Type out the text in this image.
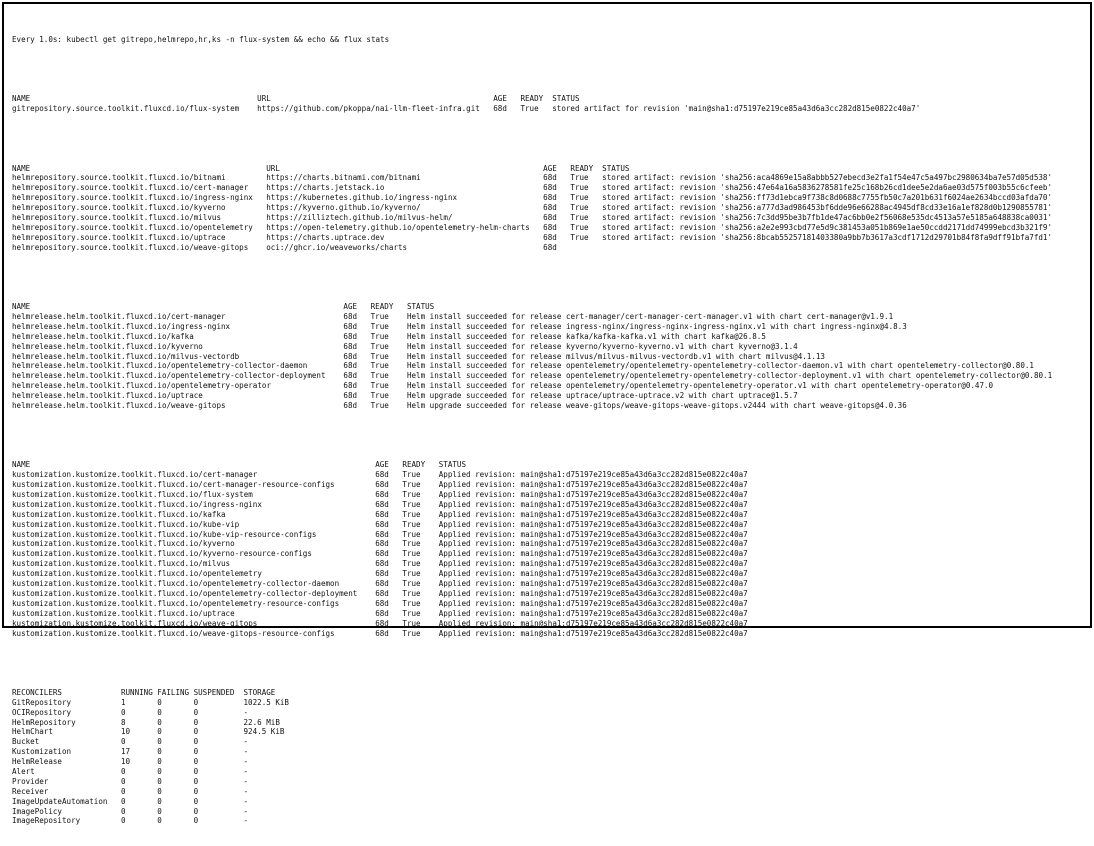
Every 1.0s: kubectl get gitrepo,helmrepo,hr,ks -n flux-system && echo && flux stats

NAME	URL	AGE READY STATUS
gitrepository.source.toolkit.fluxcd.io/flux-system https://github.com/pkoppa/nai-llm-fleet-infra.git 68d True stored artifact for revision 'main@sha1:d75197e219ce85a43d6a3cc282d815e0822c40a7'

NAME	URL	AGE READY STATUS
helmrepository.source.toolkit.fluxcd.io/bitnami	https://charts.bitnami.com/bitnami	68d True stored artifact: revision 'sha256:aca4869e15a8abbb527ebecd3e2fa1f54e47c5a497bc2980634ba7e57d05d538'
helmrepository.source.toolkit.fluxcd.io/cert-manager https://charts.jetstack.io	68d True stored artifact: revision 'sha256:47e64a16a5836278581fe25c168b26cd1dee5e2da6ae03d575f003b55c6cfeeb'
helmrepository.source.toolkit.fluxcd.io/ingress-nginx https://kubernetes.github.io/ingress-nginx	68d True stored artifact: revision 'sha256:ff73d1ebca9f738c8d0688c7755fb50c7a201b631f6024ae2634bccd03afda70'
helmrepository.source.toolkit.fluxcd.io/kyverno	https://kyverno.github.io/kyverno/	68d True stored artifact: revision 'sha256:a777d3ad986453bf6dde96e66288ac4945df8cd33e16a1ef828d0b1290855781'
helmrepository.source.toolkit.fluxcd.io/milvus	https://zilliztech.github.io/milvus-helm/	68d True stored artifact: revision 'sha256:7c3dd95be3b7fb1de47ac6bb0e2f56068e535dc4513a57e5185a648838ca0031'
helmrepository.source.toolkit.fluxcd.io/opentelemetry https://open-telemetry.github.io/opentelemetry-helm-charts 68d True stored artifact: revision 'sha256:a2e2e993cbd77e5d9c381453a051b869e1ae50ccdd2171dd74999ebcd3b321f9'
helmrepository.source.toolkit.fluxcd.io/uptrace	https://charts.uptrace.dev	68d True stored artifact: revision 'sha256:8bcab55257181403380a9bb7b3617a3cdf1712d29701b84f8fa9dff91bfa7fd1'
helmrepository.source.toolkit.fluxcd.io/weave-gitops oci://ghcr.io/weaveworks/charts	68d

NAME	AGE READY STATUS
helmrelease.helm.toolkit.fluxcd.io/cert-manager	68d True Helm install succeeded for release cert-manager/cert-manager-cert-manager.v1 with chart cert-manager@v1.9.1
helmrelease.helm.toolkit.fluxcd.io/ingress-nginx	68d True Helm install succeeded for release ingress-nginx/ingress-nginx-ingress-nginx.v1 with chart ingress-nginx@4.8.3
helmrelease.helm.toolkit.fluxcd.io/kafka	68d True Helm install succeeded for release kafka/kafka-kafka.v1 with chart kafka@26.8.5
helmrelease.helm.toolkit.fluxcd.io/kyverno	68d True Helm install succeeded for release kyverno/kyverno-kyverno.v1 with chart kyverno@3.1.4
helmrelease.helm.toolkit.fluxcd.io/milvus-vectordb	68d True Helm install succeeded for release milvus/milvus-milvus-vectordb.v1 with chart milvus@4.1.13
helmrelease.helm.toolkit.fluxcd.io/opentelemetry-collector-daemon	68d True Helm install succeeded for release opentelemetry/opentelemetry-opentelemetry-collector-daemon.v1 with chart opentelemetry-collector@0.80.1
helmrelease.helm.toolkit.fluxcd.io/opentelemetry-collector-deployment 68d True Helm install succeeded for release opentelemetry/opentelemetry-opentelemetry-collector-deployment.v1 with chart opentelemetry-collector@0.80.1
helmrelease.helm.toolkit.fluxcd.io/opentelemetry-operator	68d True Helm install succeeded for release opentelemetry/opentelemetry-opentelemetry-operator.v1 with chart opentelemetry-operator@0.47.0
helmrelease.helm.toolkit.fluxcd.io/uptrace	68d True Helm upgrade succeeded for release uptrace/uptrace-uptrace.v2 with chart uptrace@1.5.7
helmrelease.helm.toolkit.fluxcd.io/weave-gitops	68d True Helm upgrade succeeded for release weave-gitops/weave-gitops-weave-gitops.v2444 with chart weave-gitops@4.0.36

NAME	AGE READY STATUS
kustomization.kustomize.toolkit.fluxcd.io/cert-manager	68d True Applied revision: main@sha1:d75197e219ce85a43d6a3cc282d815e0822c40a7
kustomization.kustomize.toolkit.fluxcd.io/cert-manager-resource-configs	68d True Applied revision: main@sha1:d75197e219ce85a43d6a3cc282d815e0822c40a7
kustomization.kustomize.toolkit.fluxcd.io/flux-system	68d True Applied revision: main@sha1:d75197e219ce85a43d6a3cc282d815e0822c40a7
kustomization.kustomize.toolkit.fluxcd.io/ingress-nginx	68d True Applied revision: main@sha1:d75197e219ce85a43d6a3cc282d815e0822c40a7
kustomization.kustomize.toolkit.fluxcd.io/kafka	68d True Applied revision: main@sha1:d75197e219ce85a43d6a3cc282d815e0822c40a7
kustomization.kustomize.toolkit.fluxcd.io/kube-vip	68d True Applied revision: main@sha1:d75197e219ce85a43d6a3cc282d815e0822c40a7
kustomization.kustomize.toolkit.fluxcd.io/kube-vip-resource-configs	68d True Applied revision: main@sha1:d75197e219ce85a43d6a3cc282d815e0822c40a7
kustomization.kustomize.toolkit.fluxcd.io/kyverno	68d True Applied revision: main@sha1:d75197e219ce85a43d6a3cc282d815e0822c40a7
kustomization.kustomize.toolkit.fluxcd.io/kyverno-resource-configs	68d True Applied revision: main@sha1:d75197e219ce85a43d6a3cc282d815e0822c40a7
kustomization.kustomize.toolkit.fluxcd.io/milvus	68d True Applied revision: main@sha1:d75197e219ce85a43d6a3cc282d815e0822c40a7
kustomization.kustomize.toolkit.fluxcd.io/opentelemetry	68d True Applied revision: main@sha1:d75197e219ce85a43d6a3cc282d815e0822c40a7
kustomization.kustomize.toolkit.fluxcd.io/opentelemetry-collector-daemon	68d True Applied revision: main@sha1:d75197e219ce85a43d6a3cc282d815e0822c40a7
kustomization.kustomize.toolkit.fluxcd.io/opentelemetry-collector-deployment 68d True Applied revision: main@sha1:d75197e219ce85a43d6a3cc282d815e0822c40a7
kustomization.kustomize.toolkit.fluxcd.io/opentelemetry-resource-configs	68d True Applied revision: main@sha1:d75197e219ce85a43d6a3cc282d815e0822c40a7
kustomization.kustomize.toolkit.fluxcd.io/uptrace	68d True Applied revision: main@sha1:d75197e219ce85a43d6a3cc282d815e0822c40a7
kustomization.kustomize.toolkit.fluxcd.io/weave-gitops	68d True Applied revision: main@sha1:d75197e219ce85a43d6a3cc282d815e0822c40a7
kustomization.kustomize.toolkit.fluxcd.io/weave-gitops-resource-configs	68d True Applied revision: main@sha1:d75197e219ce85a43d6a3cc282d815e0822c40a7

RECONCILERS	RUNNING FAILING SUSPENDED STORAGE
GitRepository	1	0	0	1022.5 KiB
OCIRepository	0	0	0	-
HelmRepository	8	0	0	22.6 MiB
HelmChart	10	0	0	924.5 KiB
Bucket	0	0	0	-
Kustomization	17	0	0	-
HelmRelease	10	0	0	-
Alert	0	0	0	-
Provider	0	0	0	-
Receiver	0	0	0	-
ImageUpdateAutomation 0	0	0	-
ImagePolicy	0	0	0	-
ImageRepository	0	0	0	-
